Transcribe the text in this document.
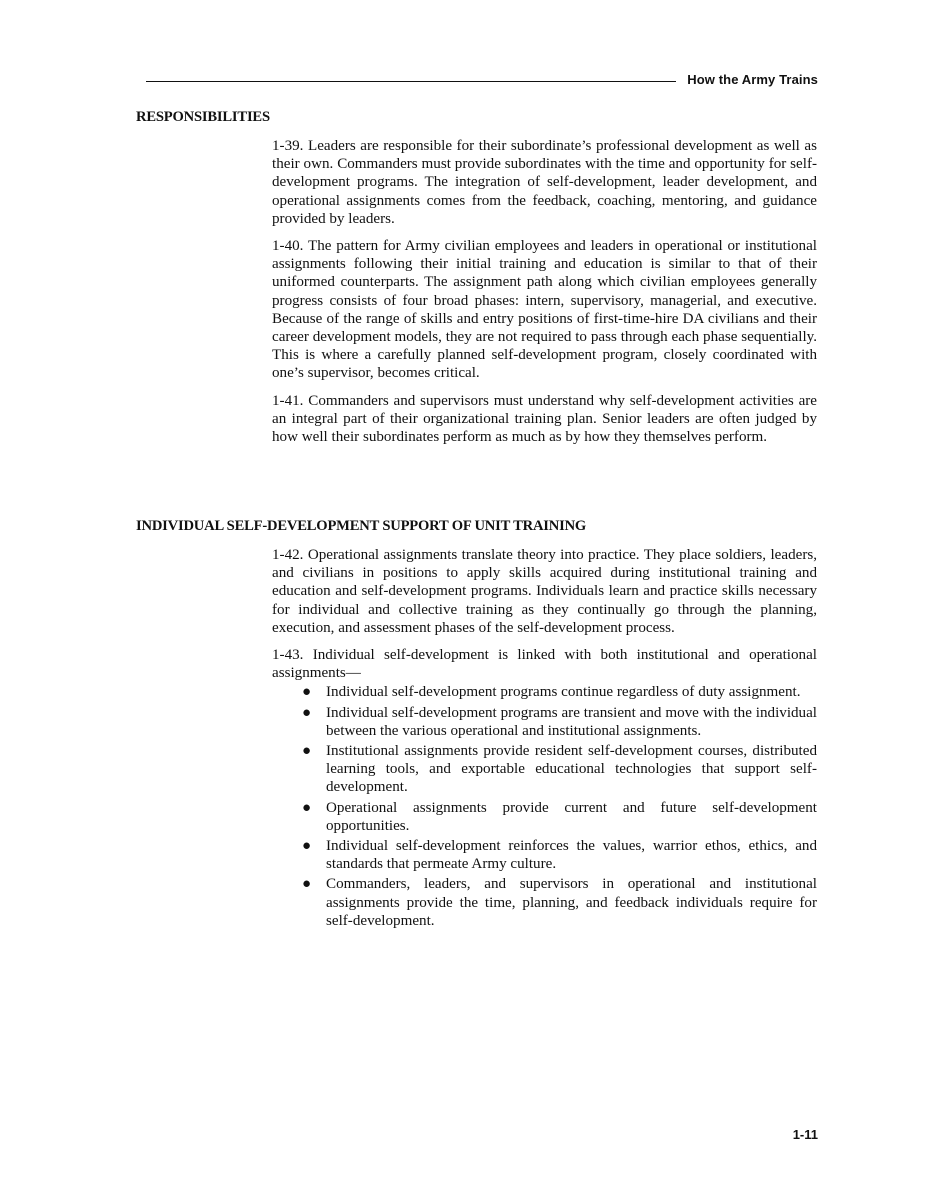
How the Army Trains
RESPONSIBILITIES

1-39. Leaders are responsible for their subordinate’s professional development as well as their own. Commanders must provide subordinates with the time and opportunity for self-development programs. The integration of self-development, leader development, and operational assignments comes from the feedback, coaching, mentoring, and guidance provided by leaders.

1-40. The pattern for Army civilian employees and leaders in operational or institutional assignments following their initial training and education is similar to that of their uniformed counterparts. The assignment path along which civilian employees generally progress consists of four broad phases: intern, supervisory, managerial, and executive. Because of the range of skills and entry positions of first-time-hire DA civilians and their career development models, they are not required to pass through each phase sequentially. This is where a carefully planned self-development program, closely coordinated with one’s supervisor, becomes critical.

1-41. Commanders and supervisors must understand why self-development activities are an integral part of their organizational training plan. Senior leaders are often judged by how well their subordinates perform as much as by how they themselves perform.

INDIVIDUAL SELF-DEVELOPMENT SUPPORT OF UNIT TRAINING

1-42. Operational assignments translate theory into practice. They place soldiers, leaders, and civilians in positions to apply skills acquired during institutional training and education and self-development programs. Individuals learn and practice skills necessary for individual and collective training as they continually go through the planning, execution, and assessment phases of the self-development process.

1-43. Individual self-development is linked with both institutional and operational assignments—

● Individual self-development programs continue regardless of duty assignment.
● Individual self-development programs are transient and move with the individual between the various operational and institutional assignments.
● Institutional assignments provide resident self-development courses, distributed learning tools, and exportable educational technologies that support self-development.
● Operational assignments provide current and future self-development opportunities.
● Individual self-development reinforces the values, warrior ethos, ethics, and standards that permeate Army culture.
● Commanders, leaders, and supervisors in operational and institutional assignments provide the time, planning, and feedback individuals require for self-development.
1-11
